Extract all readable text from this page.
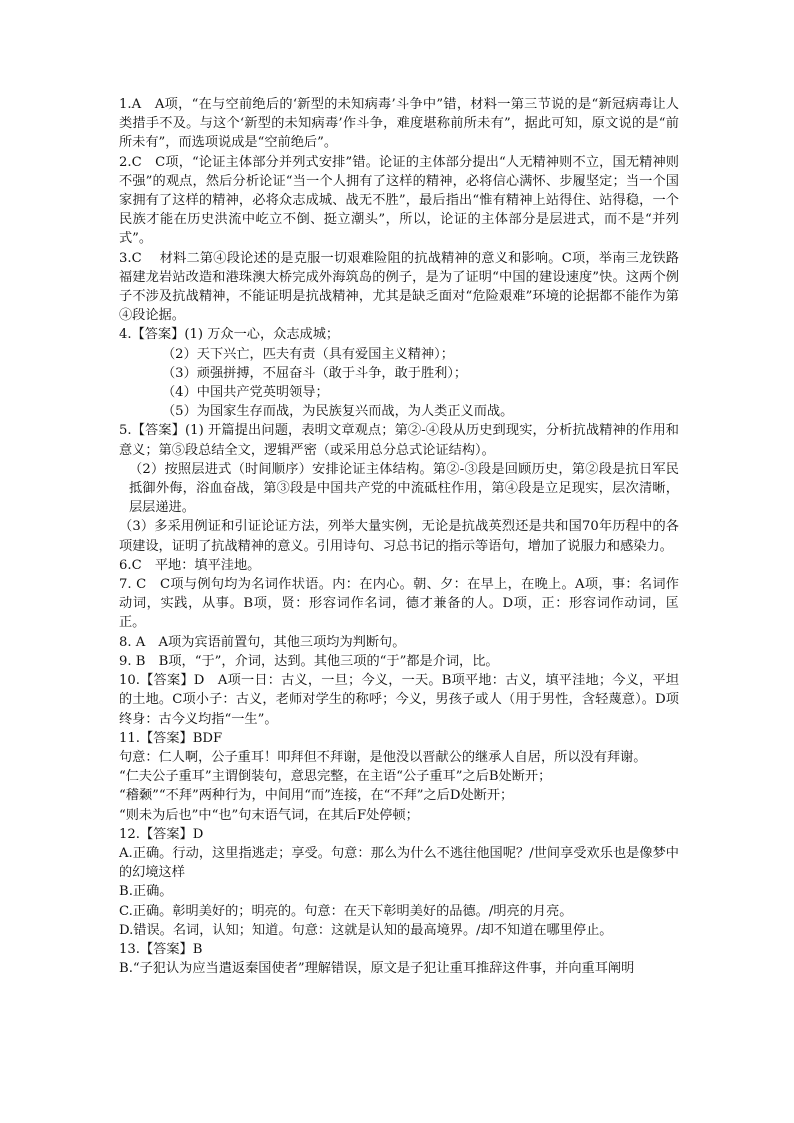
1.A　A项，“在与空前绝后的‘新型的未知病毒’斗争中”错，材料一第三节说的是“新冠病毒让人类措手不及。与这个‘新型的未知病毒’作斗争，难度堪称前所未有”，据此可知，原文说的是“前所未有”，而选项说成是“空前绝后”。

2.C　C项，“论证主体部分并列式安排”错。论证的主体部分提出“人无精神则不立，国无精神则不强”的观点，然后分析论证“当一个人拥有了这样的精神，必将信心满怀、步履坚定；当一个国家拥有了这样的精神，必将众志成城、战无不胜”，最后指出“惟有精神上站得住、站得稳，一个民族才能在历史洪流中屹立不倒、挺立潮头”，所以，论证的主体部分是层进式，而不是“并列式”。

3.C　 材料二第④段论述的是克服一切艰难险阻的抗战精神的意义和影响。C项，举南三龙铁路福建龙岩站改造和港珠澳大桥完成外海筑岛的例子，是为了证明“中国的建设速度”快。这两个例子不涉及抗战精神，不能证明是抗战精神，尤其是缺乏面对“危险艰难”环境的论据都不能作为第④段论据。

4.【答案】(1) 万众一心，众志成城；

（2）天下兴亡，匹夫有责（具有爱国主义精神）；

（3）顽强拼搏，不屈奋斗（敢于斗争，敢于胜利）；

（4）中国共产党英明领导；

（5）为国家生存而战，为民族复兴而战，为人类正义而战。

5.【答案】(1) 开篇提出问题，表明文章观点；第②-④段从历史到现实，分析抗战精神的作用和意义；第⑤段总结全文，逻辑严密（或采用总分总式论证结构）。

（2）按照层进式（时间顺序）安排论证主体结构。第②-③段是回顾历史，第②段是抗日军民抵御外侮，浴血奋战，第③段是中国共产党的中流砥柱作用，第④段是立足现实，层次清晰，层层递进。

（3）多采用例证和引证论证方法，列举大量实例，无论是抗战英烈还是共和国70年历程中的各项建设，证明了抗战精神的意义。引用诗句、习总书记的指示等语句，增加了说服力和感染力。

6.C　平地：填平洼地。

7. C　C项与例句均为名词作状语。内：在内心。朝、夕：在早上，在晚上。A项，事：名词作动词，实践，从事。B项，贤：形容词作名词，德才兼备的人。D项，正：形容词作动词，匡正。

8. A　A项为宾语前置句，其他三项均为判断句。

9. B　B项，“于”，介词，达到。其他三项的“于”都是介词，比。

10.【答案】D　A项一日：古义，一旦；今义，一天。B项平地：古义，填平洼地；今义，平坦的土地。C项小子：古义，老师对学生的称呼；今义，男孩子或人（用于男性，含轻蔑意）。D项终身：古今义均指“一生”。

11.【答案】BDF

句意：仁人啊，公子重耳！叩拜但不拜谢，是他没以晋献公的继承人自居，所以没有拜谢。

“仁夫公子重耳”主谓倒装句，意思完整，在主语“公子重耳”之后B处断开；

“稽颡”“不拜”两种行为，中间用“而”连接，在“不拜”之后D处断开；

“则未为后也”中“也”句末语气词，在其后F处停顿；

12.【答案】D

A.正确。行动，这里指逃走；享受。句意：那么为什么不逃往他国呢？/世间享受欢乐也是像梦中的幻境这样

B.正确。

C.正确。彰明美好的；明亮的。句意：在天下彰明美好的品德。/明亮的月亮。

D.错误。名词，认知；知道。句意：这就是认知的最高境界。/却不知道在哪里停止。

13.【答案】B

B.“子犯认为应当遣返秦国使者”理解错误，原文是子犯让重耳推辞这件事，并向重耳阐明
